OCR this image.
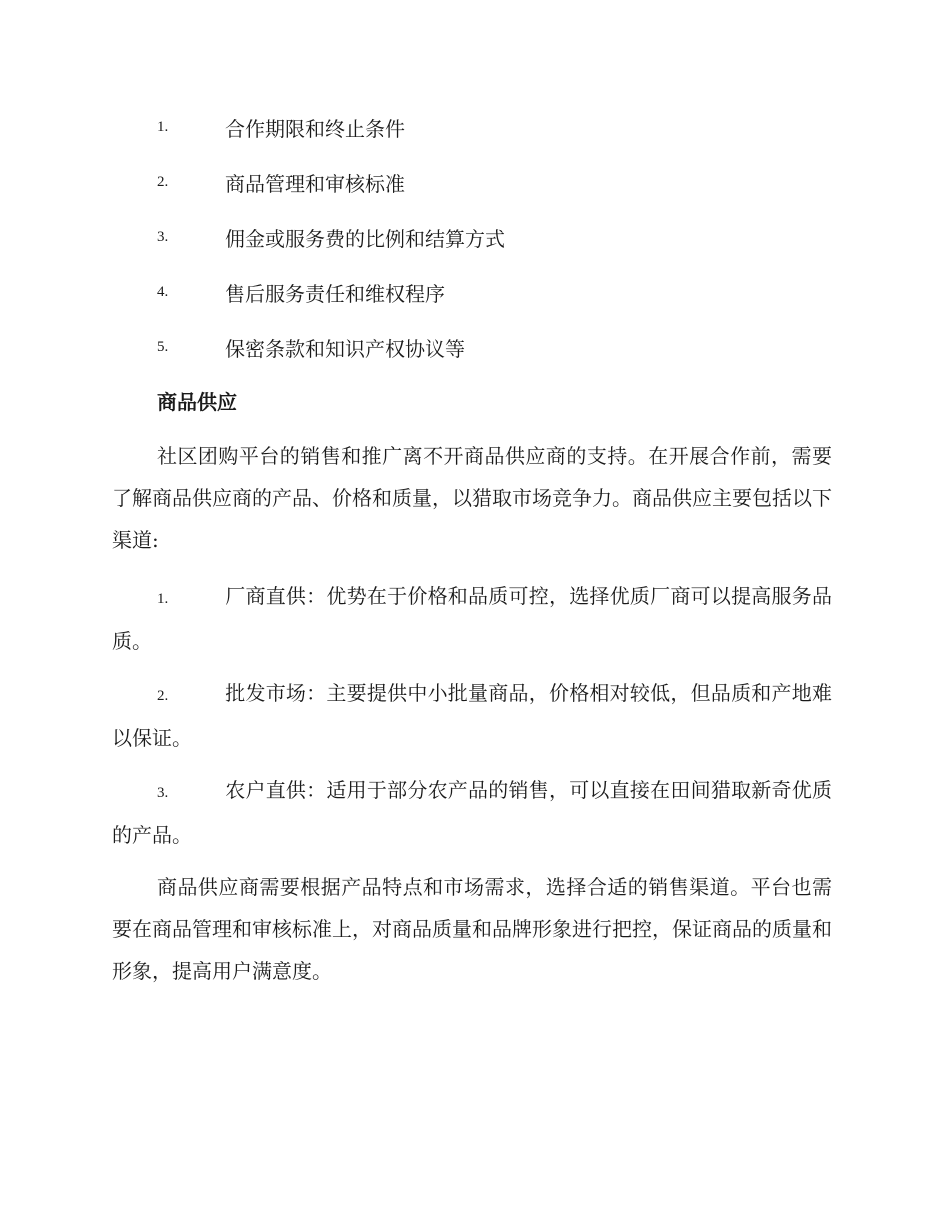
1.	合作期限和终止条件
2.	商品管理和审核标准
3.	佣金或服务费的比例和结算方式
4.	售后服务责任和维权程序
5.	保密条款和知识产权协议等
商品供应
社区团购平台的销售和推广离不开商品供应商的支持。在开展合作前，需要了解商品供应商的产品、价格和质量，以猎取市场竞争力。商品供应主要包括以下渠道:
1.	厂商直供：优势在于价格和品质可控，选择优质厂商可以提高服务品质。
2.	批发市场：主要提供中小批量商品，价格相对较低，但品质和产地难以保证。
3.	农户直供：适用于部分农产品的销售，可以直接在田间猎取新奇优质的产品。
商品供应商需要根据产品特点和市场需求，选择合适的销售渠道。平台也需要在商品管理和审核标准上，对商品质量和品牌形象进行把控，保证商品的质量和形象，提高用户满意度。
